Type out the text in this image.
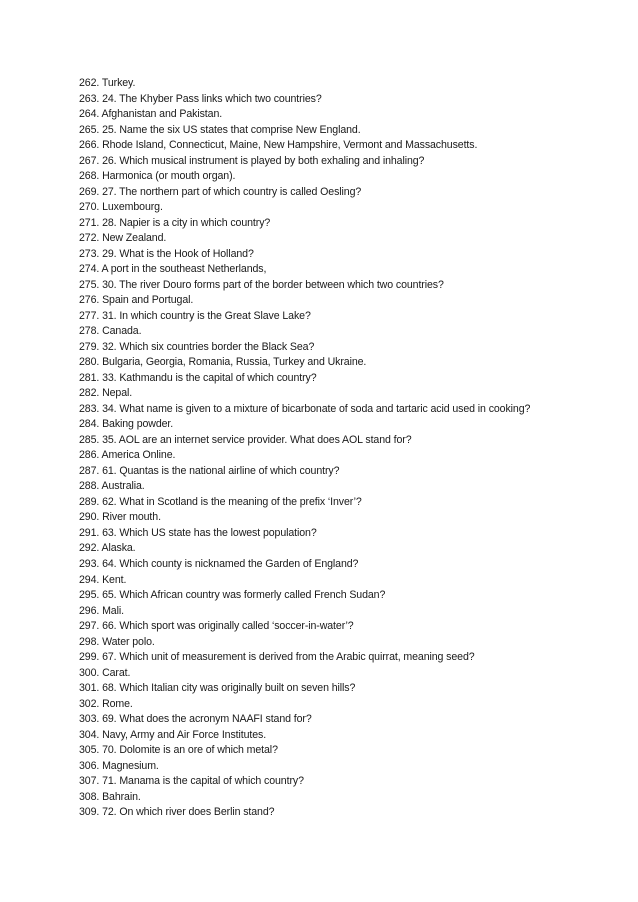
262. Turkey.
263. 24. The Khyber Pass links which two countries?
264. Afghanistan and Pakistan.
265. 25. Name the six US states that comprise New England.
266. Rhode Island, Connecticut, Maine, New Hampshire, Vermont and Massachusetts.
267. 26. Which musical instrument is played by both exhaling and inhaling?
268. Harmonica (or mouth organ).
269. 27. The northern part of which country is called Oesling?
270. Luxembourg.
271. 28. Napier is a city in which country?
272. New Zealand.
273. 29. What is the Hook of Holland?
274. A port in the southeast Netherlands,
275. 30. The river Douro forms part of the border between which two countries?
276. Spain and Portugal.
277. 31. In which country is the Great Slave Lake?
278. Canada.
279. 32. Which six countries border the Black Sea?
280. Bulgaria, Georgia, Romania, Russia, Turkey and Ukraine.
281. 33. Kathmandu is the capital of which country?
282. Nepal.
283. 34. What name is given to a mixture of bicarbonate of soda and tartaric acid used in cooking?
284. Baking powder.
285. 35. AOL are an internet service provider. What does AOL stand for?
286. America Online.
287. 61. Quantas is the national airline of which country?
288. Australia.
289. 62. What in Scotland is the meaning of the prefix ‘Inver’?
290. River mouth.
291. 63. Which US state has the lowest population?
292. Alaska.
293. 64. Which county is nicknamed the Garden of England?
294. Kent.
295. 65. Which African country was formerly called French Sudan?
296. Mali.
297. 66. Which sport was originally called ‘soccer-in-water’?
298. Water polo.
299. 67. Which unit of measurement is derived from the Arabic quirrat, meaning seed?
300. Carat.
301. 68. Which Italian city was originally built on seven hills?
302. Rome.
303. 69. What does the acronym NAAFI stand for?
304. Navy, Army and Air Force Institutes.
305. 70. Dolomite is an ore of which metal?
306. Magnesium.
307. 71. Manama is the capital of which country?
308. Bahrain.
309. 72. On which river does Berlin stand?
